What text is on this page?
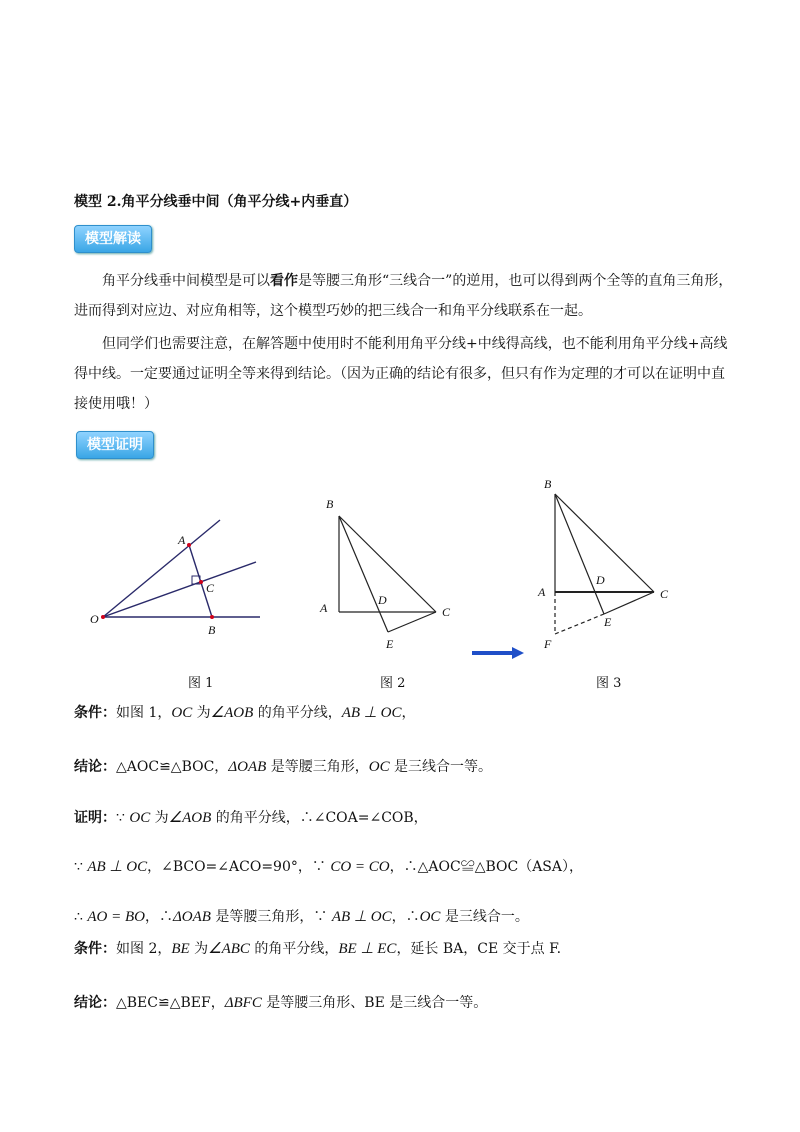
模型 2.角平分线垂中间（角平分线+内垂直）
模型解读
角平分线垂中间模型是可以看作是等腰三角形“三线合一”的逆用，也可以得到两个全等的直角三角形，进而得到对应边、对应角相等，这个模型巧妙的把三线合一和角平分线联系在一起。
但同学们也需要注意，在解答题中使用时不能利用角平分线+中线得高线，也不能利用角平分线+高线得中线。一定要通过证明全等来得到结论。（因为正确的结论有很多，但只有作为定理的才可以在证明中直接使用哦！）
模型证明
A
C
O
B
图 1
B
A
D
C
E
图 2
B
A
D
C
E
F
图 3
条件：如图 1，OC 为∠AOB 的角平分线，AB ⊥ OC，
结论：△AOC≌△BOC，ΔOAB 是等腰三角形，OC 是三线合一等。
证明：∵ OC 为∠AOB 的角平分线，∴∠COA=∠COB，
∵ AB ⊥ OC，∠BCO=∠ACO=90°，∵ CO = CO，∴△AOC≌△BOC（ASA），
∴ AO = BO，∴ΔOAB 是等腰三角形，∵ AB ⊥ OC，∴OC 是三线合一。
条件：如图 2，BE 为∠ABC 的角平分线，BE ⊥ EC，延长 BA，CE 交于点 F.
结论：△BEC≌△BEF，ΔBFC 是等腰三角形、BE 是三线合一等。
